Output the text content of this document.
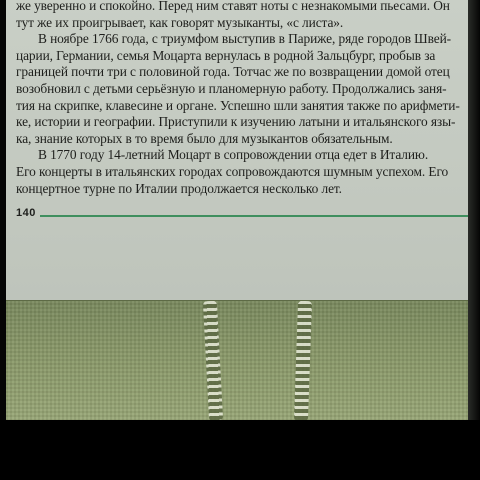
же уверенно и спокойно. Перед ним ставят ноты с незнакомыми пьесами. Он
тут же их проигрывает, как говорят музыканты, «с листа».

В ноябре 1766 года, с триумфом выступив в Париже, ряде городов Швей-
царии, Германии, семья Моцарта вернулась в родной Зальцбург, пробыв за
границей почти три с половиной года. Тотчас же по возвращении домой отец
возобновил с детьми серьёзную и планомерную работу. Продолжались заня-
тия на скрипке, клавесине и органе. Успешно шли занятия также по арифмети-
ке, истории и географии. Приступили к изучению латыни и итальянского язы-
ка, знание которых в то время было для музыкантов обязательным.

В 1770 году 14-летний Моцарт в сопровождении отца едет в Италию.
Его концерты в итальянских городах сопровождаются шумным успехом. Его
концертное турне по Италии продолжается несколько лет.

140
